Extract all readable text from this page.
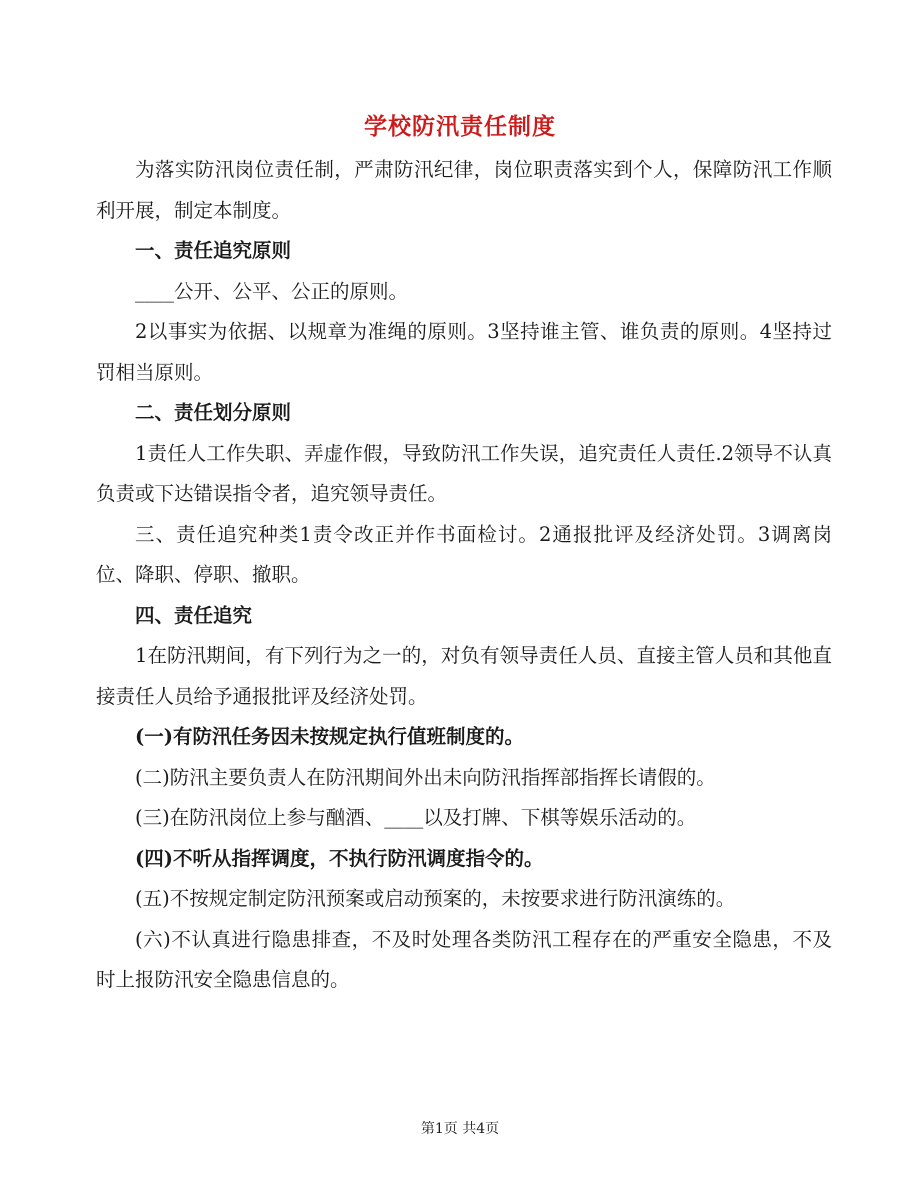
学校防汛责任制度

为落实防汛岗位责任制，严肃防汛纪律，岗位职责落实到个人，保障防汛工作顺利开展，制定本制度。

一、责任追究原则

____公开、公平、公正的原则。

2以事实为依据、以规章为准绳的原则。3坚持谁主管、谁负责的原则。4坚持过罚相当原则。

二、责任划分原则

1责任人工作失职、弄虚作假，导致防汛工作失误，追究责任人责任.2领导不认真负责或下达错误指令者，追究领导责任。

三、责任追究种类1责令改正并作书面检讨。2通报批评及经济处罚。3调离岗位、降职、停职、撤职。

四、责任追究

1在防汛期间，有下列行为之一的，对负有领导责任人员、直接主管人员和其他直接责任人员给予通报批评及经济处罚。

(一)有防汛任务因未按规定执行值班制度的。

(二)防汛主要负责人在防汛期间外出未向防汛指挥部指挥长请假的。

(三)在防汛岗位上参与酗酒、____以及打牌、下棋等娱乐活动的。

(四)不听从指挥调度，不执行防汛调度指令的。

(五)不按规定制定防汛预案或启动预案的，未按要求进行防汛演练的。

(六)不认真进行隐患排查，不及时处理各类防汛工程存在的严重安全隐患，不及时上报防汛安全隐患信息的。

第1页 共4页
